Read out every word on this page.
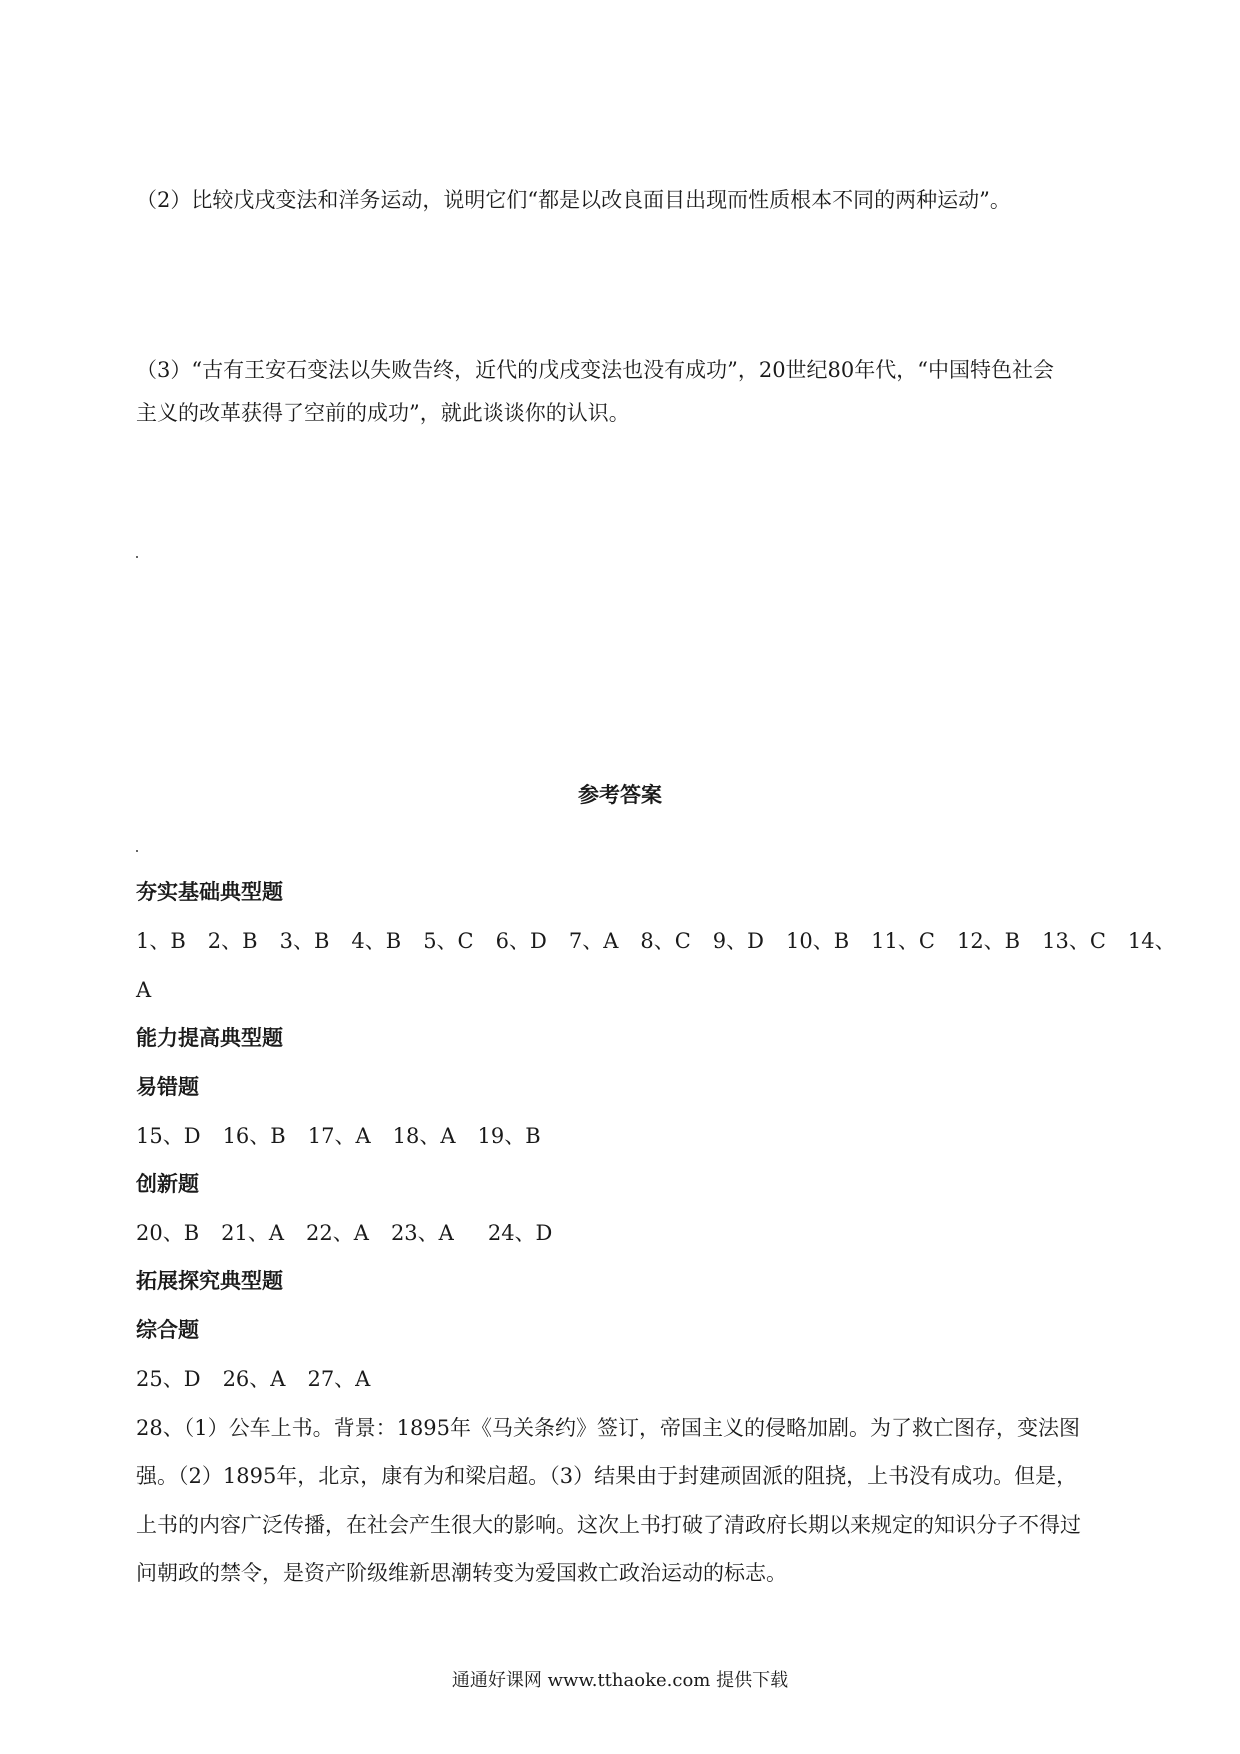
（2）比较戊戌变法和洋务运动，说明它们“都是以改良面目出现而性质根本不同的两种运动”。
（3）“古有王安石变法以失败告终，近代的戊戌变法也没有成功”，20世纪80年代，“中国特色社会
主义的改革获得了空前的成功”，就此谈谈你的认识。
参考答案
夯实基础典型题
1、B 2、B 3、B 4、B 5、C 6、D 7、A 8、C 9、D 10、B 11、C 12、B 13、C 14、
A
能力提高典型题
易错题
15、D 16、B 17、A 18、A 19、B
创新题
20、B 21、A 22、A 23、A 24、D
拓展探究典型题
综合题
25、D 26、A 27、A
28、（1）公车上书。背景：1895年《马关条约》签订，帝国主义的侵略加剧。为了救亡图存，变法图
强。（2）1895年，北京，康有为和梁启超。（3）结果由于封建顽固派的阻挠，上书没有成功。但是，
上书的内容广泛传播，在社会产生很大的影响。这次上书打破了清政府长期以来规定的知识分子不得过
问朝政的禁令，是资产阶级维新思潮转变为爱国救亡政治运动的标志。
通通好课网 www.tthaoke.com 提供下载
